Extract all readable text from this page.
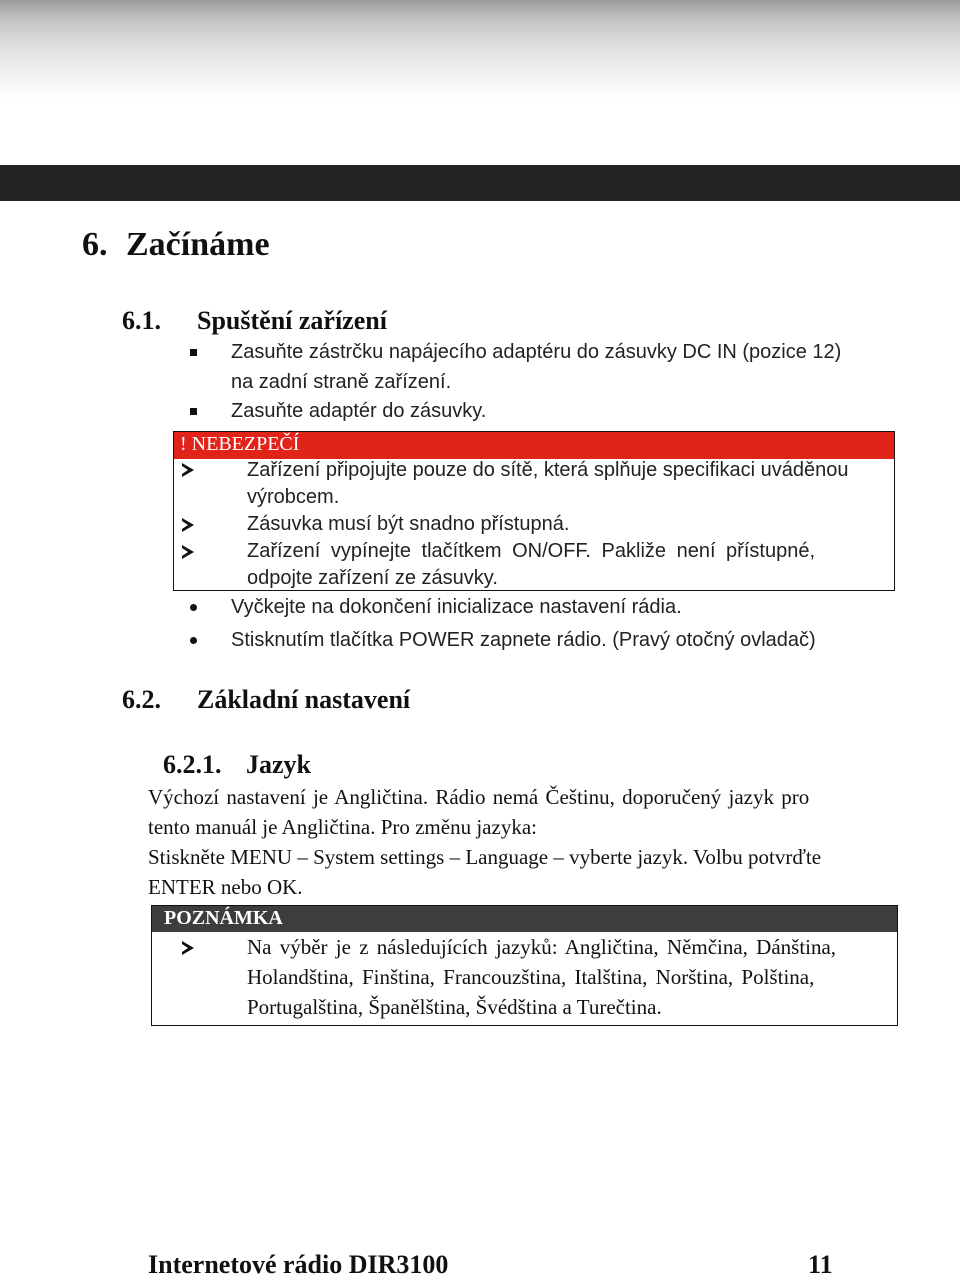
6. Začínáme
6.1. Spuštění zařízení
Zasuňte zástrčku napájecího adaptéru do zásuvky DC IN (pozice 12)
na zadní straně zařízení.
Zasuňte adaptér do zásuvky.
! NEBEZPEČÍ
Zařízení připojujte pouze do sítě, která splňuje specifikaci uváděnou
výrobcem.
Zásuvka musí být snadno přístupná.
Zařízení vypínejte tlačítkem ON/OFF. Pakliže není přístupné,
odpojte zařízení ze zásuvky.
Vyčkejte na dokončení inicializace nastavení rádia.
Stisknutím tlačítka POWER zapnete rádio. (Pravý otočný ovladač)
6.2. Základní nastavení
6.2.1. Jazyk
Výchozí nastavení je Angličtina. Rádio nemá Češtinu, doporučený jazyk pro
tento manuál je Angličtina. Pro změnu jazyka:
Stiskněte MENU – System settings – Language – vyberte jazyk. Volbu potvrďte
ENTER nebo OK.
POZNÁMKA
Na výběr je z následujících jazyků: Angličtina, Němčina, Dánština,
Holandština, Finština, Francouzština, Italština, Norština, Polština,
Portugalština, Španělština, Švédština a Turečtina.
Internetové rádio DIR3100	11
